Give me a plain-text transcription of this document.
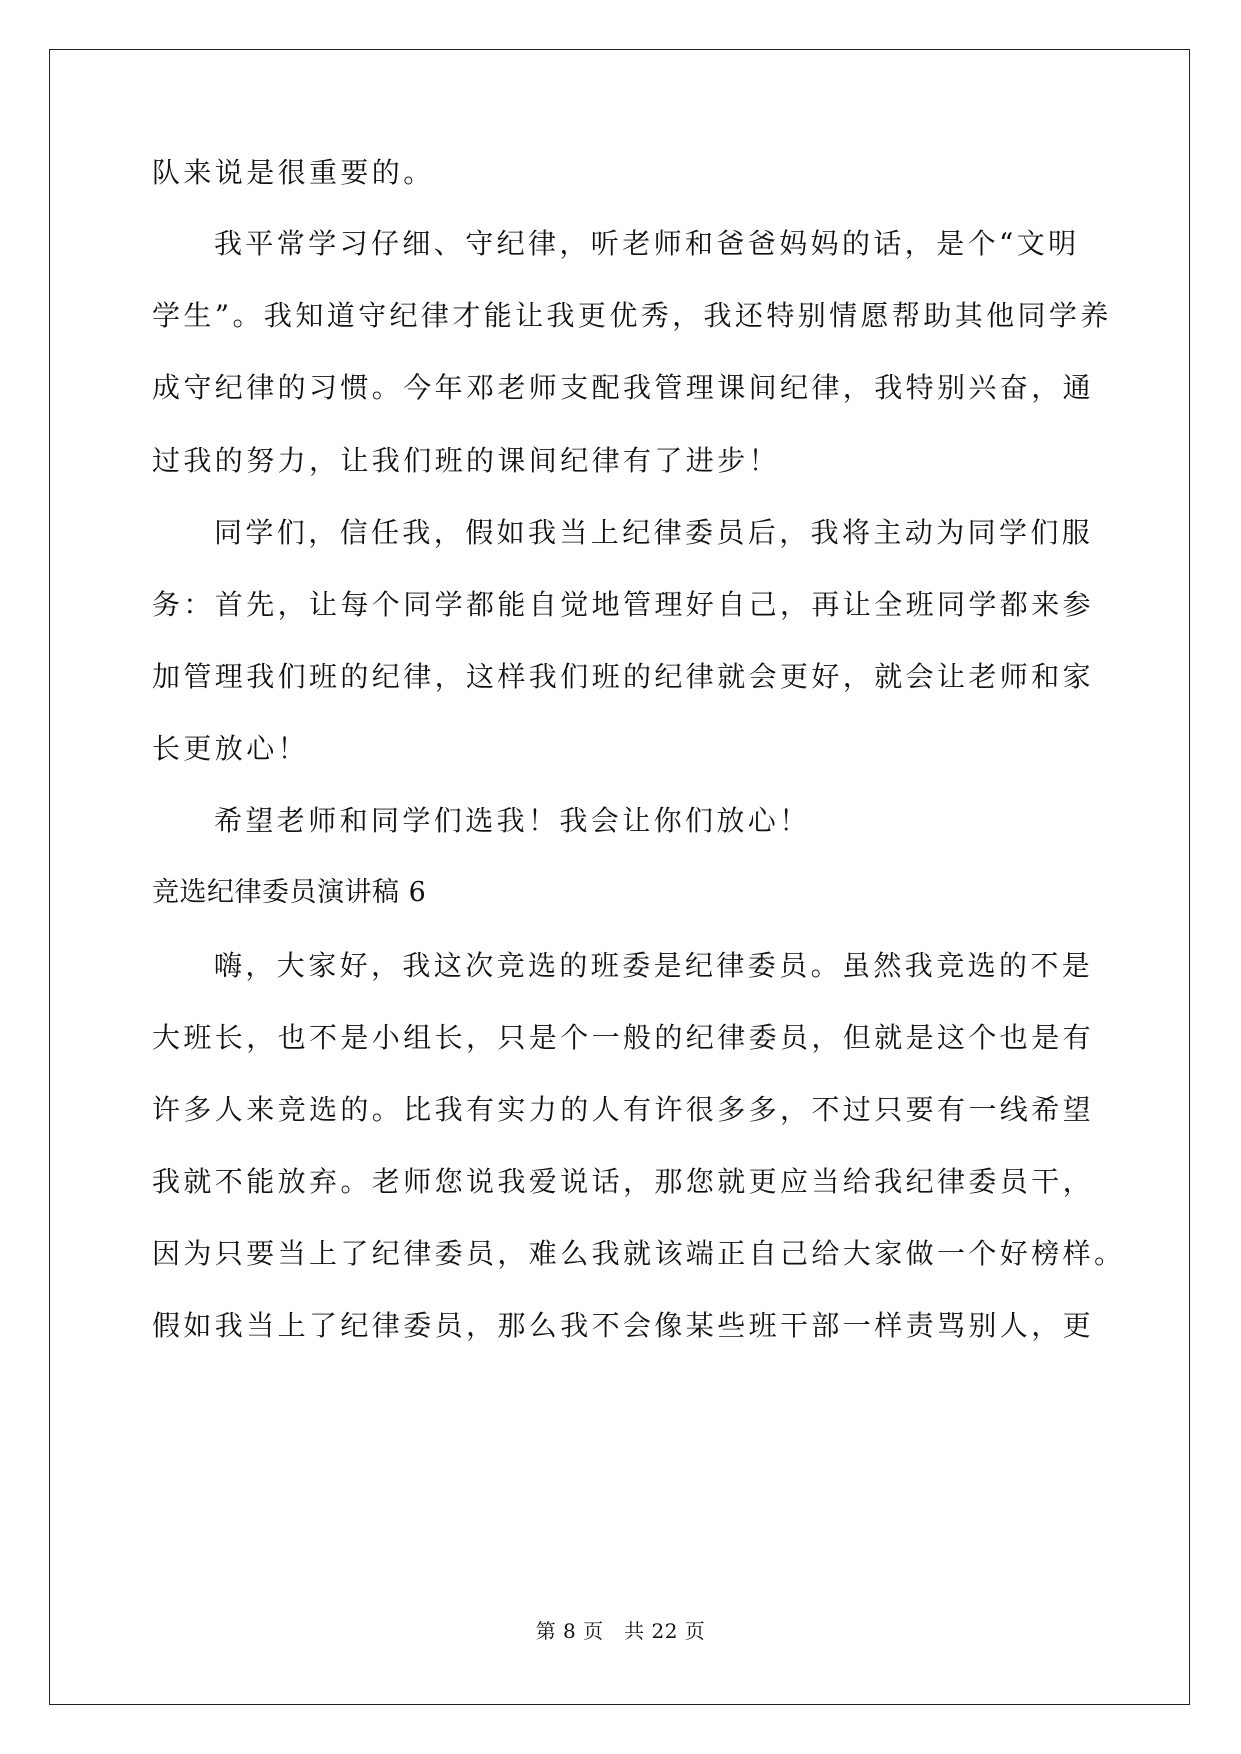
队来说是很重要的。
我平常学习仔细、守纪律，听老师和爸爸妈妈的话，是个“文明
学生”。我知道守纪律才能让我更优秀，我还特别情愿帮助其他同学养
成守纪律的习惯。今年邓老师支配我管理课间纪律，我特别兴奋，通
过我的努力，让我们班的课间纪律有了进步！
同学们，信任我，假如我当上纪律委员后，我将主动为同学们服
务：首先，让每个同学都能自觉地管理好自己，再让全班同学都来参
加管理我们班的纪律，这样我们班的纪律就会更好，就会让老师和家
长更放心！
希望老师和同学们选我！我会让你们放心！
竞选纪律委员演讲稿 6
嗨，大家好，我这次竞选的班委是纪律委员。虽然我竞选的不是
大班长，也不是小组长，只是个一般的纪律委员，但就是这个也是有
许多人来竞选的。比我有实力的人有许很多多，不过只要有一线希望
我就不能放弃。老师您说我爱说话，那您就更应当给我纪律委员干，
因为只要当上了纪律委员，难么我就该端正自己给大家做一个好榜样。
假如我当上了纪律委员，那么我不会像某些班干部一样责骂别人，更
第 8 页　共 22 页
